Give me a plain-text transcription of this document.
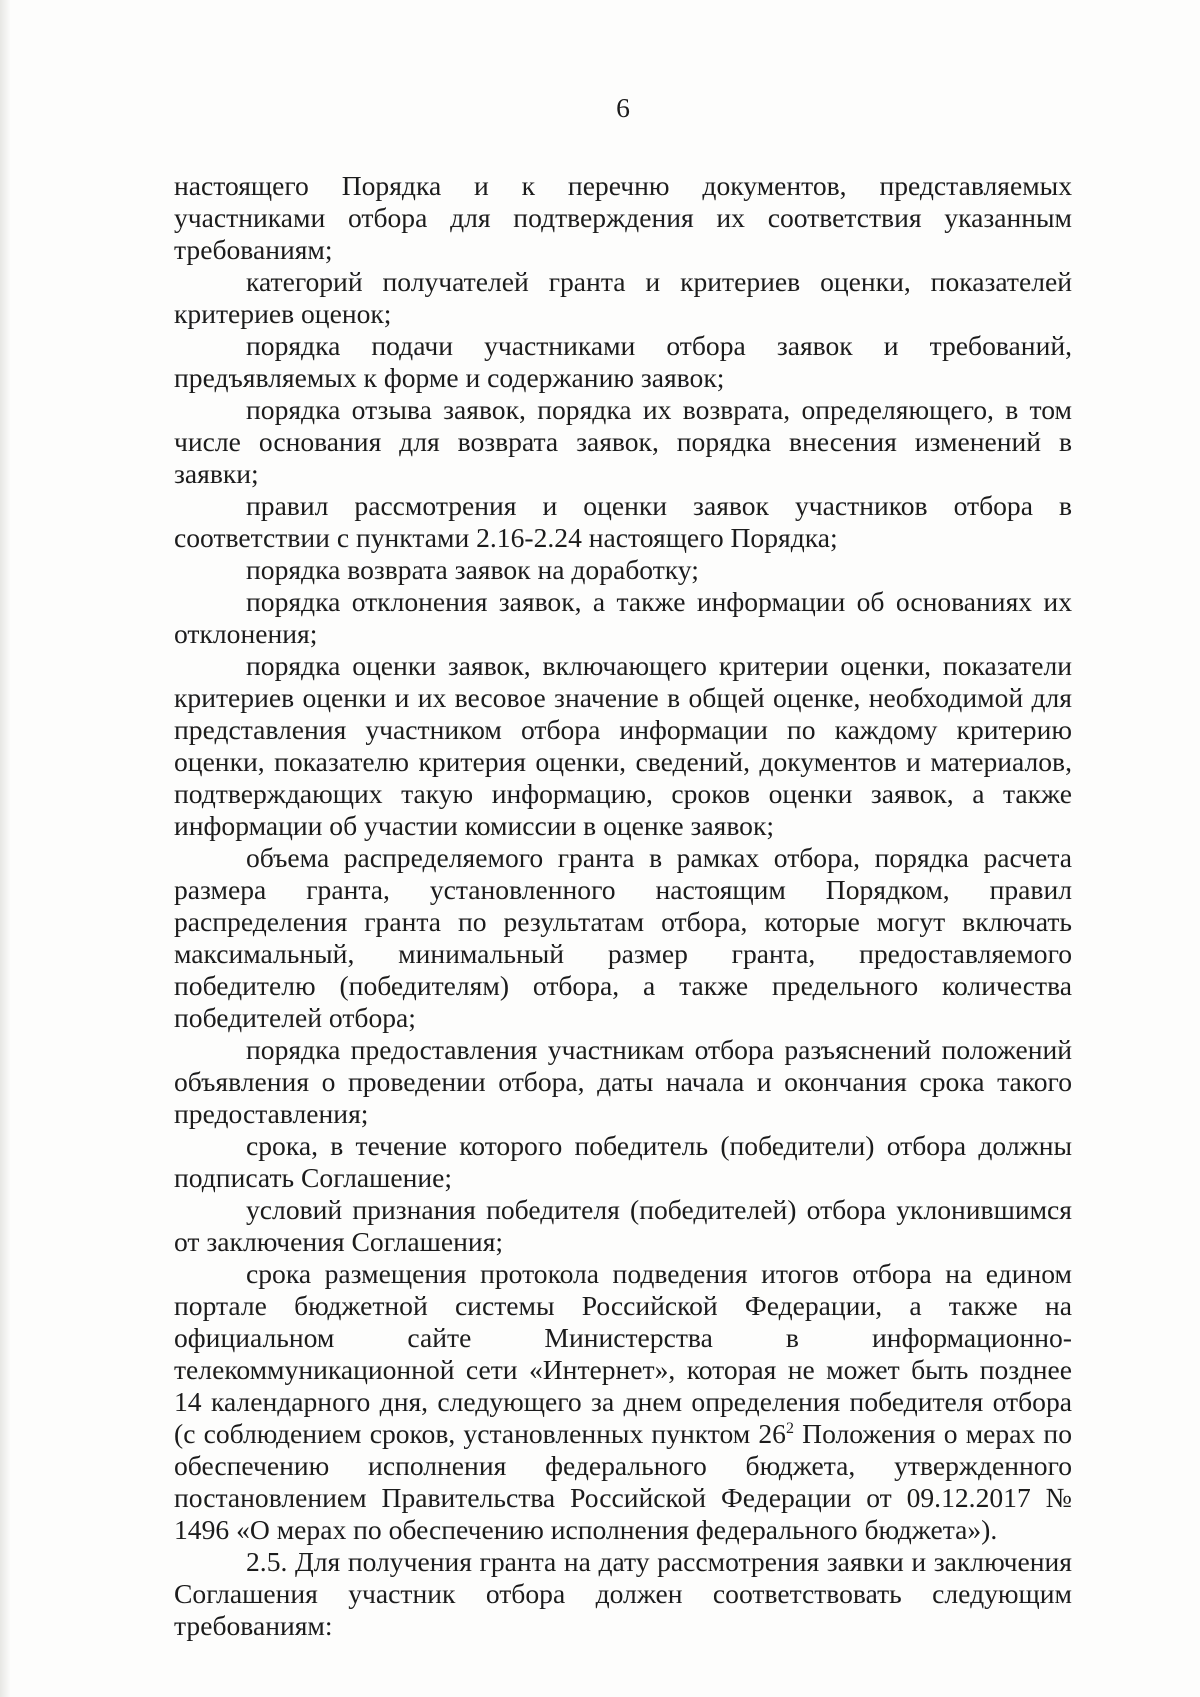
6

настоящего Порядка и к перечню документов, представляемых участниками отбора для подтверждения их соответствия указанным требованиям;

категорий получателей гранта и критериев оценки, показателей критериев оценок;

порядка подачи участниками отбора заявок и требований, предъявляемых к форме и содержанию заявок;

порядка отзыва заявок, порядка их возврата, определяющего, в том числе основания для возврата заявок, порядка внесения изменений в заявки;

правил рассмотрения и оценки заявок участников отбора в соответствии с пунктами 2.16-2.24 настоящего Порядка;

порядка возврата заявок на доработку;

порядка отклонения заявок, а также информации об основаниях их отклонения;

порядка оценки заявок, включающего критерии оценки, показатели критериев оценки и их весовое значение в общей оценке, необходимой для представления участником отбора информации по каждому критерию оценки, показателю критерия оценки, сведений, документов и материалов, подтверждающих такую информацию, сроков оценки заявок, а также информации об участии комиссии в оценке заявок;

объема распределяемого гранта в рамках отбора, порядка расчета размера гранта, установленного настоящим Порядком, правил распределения гранта по результатам отбора, которые могут включать максимальный, минимальный размер гранта, предоставляемого победителю (победителям) отбора, а также предельного количества победителей отбора;

порядка предоставления участникам отбора разъяснений положений объявления о проведении отбора, даты начала и окончания срока такого предоставления;

срока, в течение которого победитель (победители) отбора должны подписать Соглашение;

условий признания победителя (победителей) отбора уклонившимся от заключения Соглашения;

срока размещения протокола подведения итогов отбора на едином портале бюджетной системы Российской Федерации, а также на официальном сайте Министерства в информационно-телекоммуникационной сети «Интернет», которая не может быть позднее 14 календарного дня, следующего за днем определения победителя отбора (с соблюдением сроков, установленных пунктом $26^2$ Положения о мерах по обеспечению исполнения федерального бюджета, утвержденного постановлением Правительства Российской Федерации от 09.12.2017 № 1496 «О мерах по обеспечению исполнения федерального бюджета»).

2.5. Для получения гранта на дату рассмотрения заявки и заключения Соглашения участник отбора должен соответствовать следующим требованиям:
